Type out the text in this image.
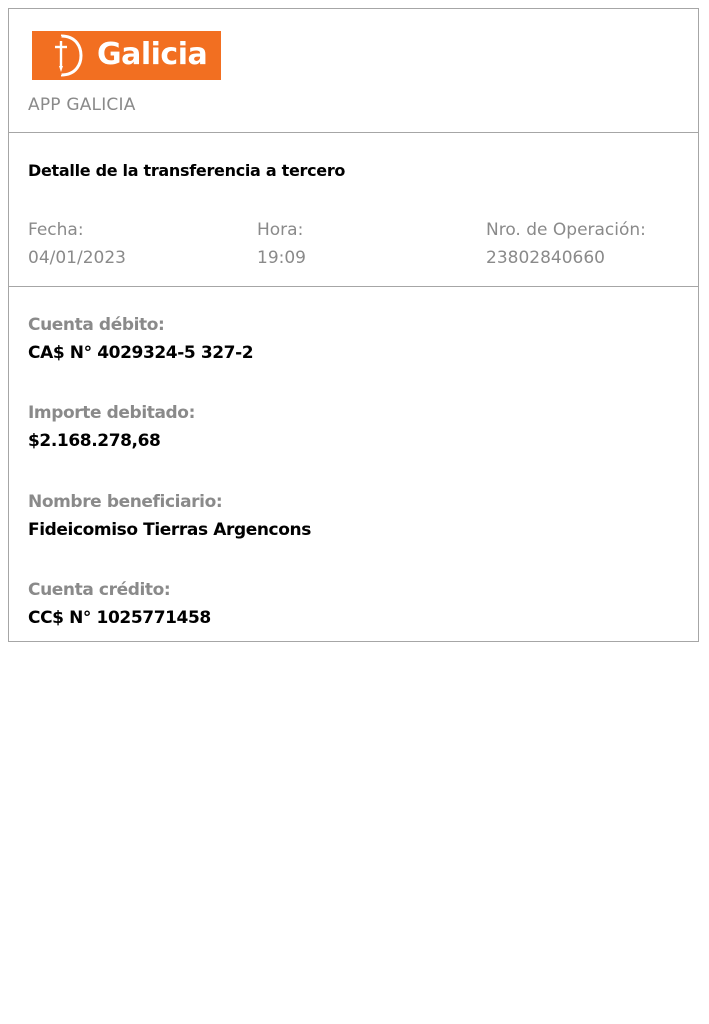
Galicia
APP GALICIA
Detalle de la transferencia a tercero
Fecha:
04/01/2023
Hora:
19:09
Nro. de Operación:
23802840660
Cuenta débito:
CA$ N° 4029324-5 327-2
Importe debitado:
$2.168.278,68
Nombre beneficiario:
Fideicomiso Tierras Argencons
Cuenta crédito:
CC$ N° 1025771458
